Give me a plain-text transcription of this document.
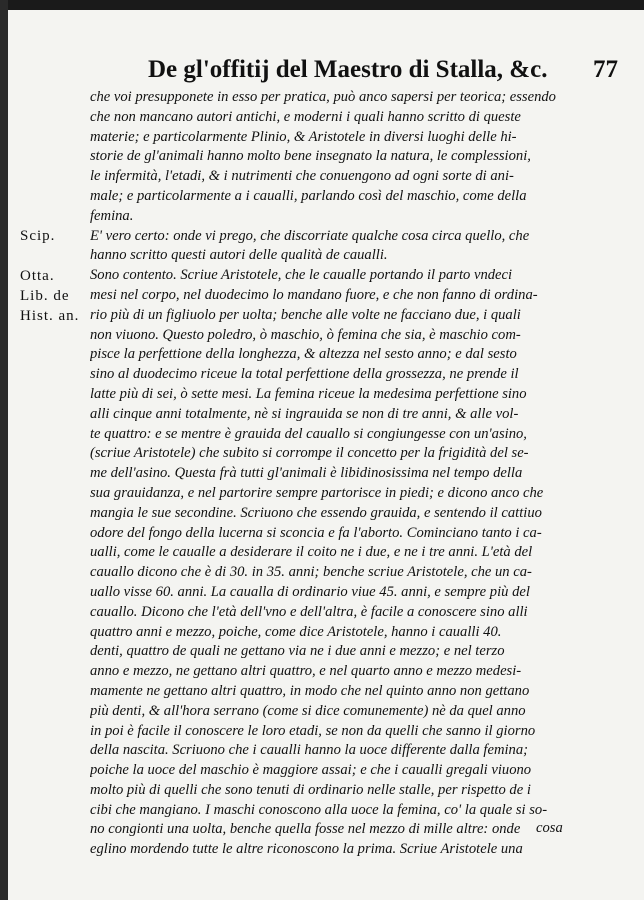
De gl'offitij del Maestro di Stalla, &c. 77
Scip.
Otta.
Lib. de
Hist. an.
che voi presupponete in esso per pratica, può anco sapersi per teorica; essendo
che non mancano autori antichi, e moderni i quali hanno scritto di queste
materie; e particolarmente Plinio, & Aristotele in diversi luoghi delle hi-
storie de gl'animali hanno molto bene insegnato la natura, le complessioni,
le infermità, l'etadi, & i nutrimenti che conuengono ad ogni sorte di ani-
male; e particolarmente a i caualli, parlando così del maschio, come della
femina.
E' vero certo: onde vi prego, che discorriate qualche cosa circa quello, che
hanno scritto questi autori delle qualità de caualli.
Sono contento. Scriue Aristotele, che le caualle portando il parto vndeci
mesi nel corpo, nel duodecimo lo mandano fuore, e che non fanno di ordina-
rio più di un figliuolo per uolta; benche alle volte ne facciano due, i quali
non viuono. Questo poledro, ò maschio, ò femina che sia, è maschio com-
pisce la perfettione della longhezza, & altezza nel sesto anno; e dal sesto
sino al duodecimo riceue la total perfettione della grossezza, ne prende il
latte più di sei, ò sette mesi. La femina riceue la medesima perfettione sino
alli cinque anni totalmente, nè si ingrauida se non di tre anni, & alle vol-
te quattro: e se mentre è grauida del cauallo si congiungesse con un'asino,
(scriue Aristotele) che subito si corrompe il concetto per la frigidità del se-
me dell'asino. Questa frà tutti gl'animali è libidinosissima nel tempo della
sua grauidanza, e nel partorire sempre partorisce in piedi; e dicono anco che
mangia le sue secondine. Scriuono che essendo grauida, e sentendo il cattiuo
odore del fongo della lucerna si sconcia e fa l'aborto. Cominciano tanto i ca-
ualli, come le caualle a desiderare il coito ne i due, e ne i tre anni. L'età del
cauallo dicono che è di 30. in 35. anni; benche scriue Aristotele, che un ca-
uallo visse 60. anni. La caualla di ordinario viue 45. anni, e sempre più del
cauallo. Dicono che l'età dell'vno e dell'altra, è facile a conoscere sino alli
quattro anni e mezzo, poiche, come dice Aristotele, hanno i caualli 40.
denti, quattro de quali ne gettano via ne i due anni e mezzo; e nel terzo
anno e mezzo, ne gettano altri quattro, e nel quarto anno e mezzo medesi-
mamente ne gettano altri quattro, in modo che nel quinto anno non gettano
più denti, & all'hora serrano (come si dice comunemente) nè da quel anno
in poi è facile il conoscere le loro etadi, se non da quelli che sanno il giorno
della nascita. Scriuono che i caualli hanno la uoce differente dalla femina;
poiche la uoce del maschio è maggiore assai; e che i caualli gregali viuono
molto più di quelli che sono tenuti di ordinario nelle stalle, per rispetto de i
cibi che mangiano. I maschi conoscono alla uoce la femina, co' la quale si so-
no congionti una uolta, benche quella fosse nel mezzo di mille altre: onde
eglino mordendo tutte le altre riconoscono la prima. Scriue Aristotele una
cosa
